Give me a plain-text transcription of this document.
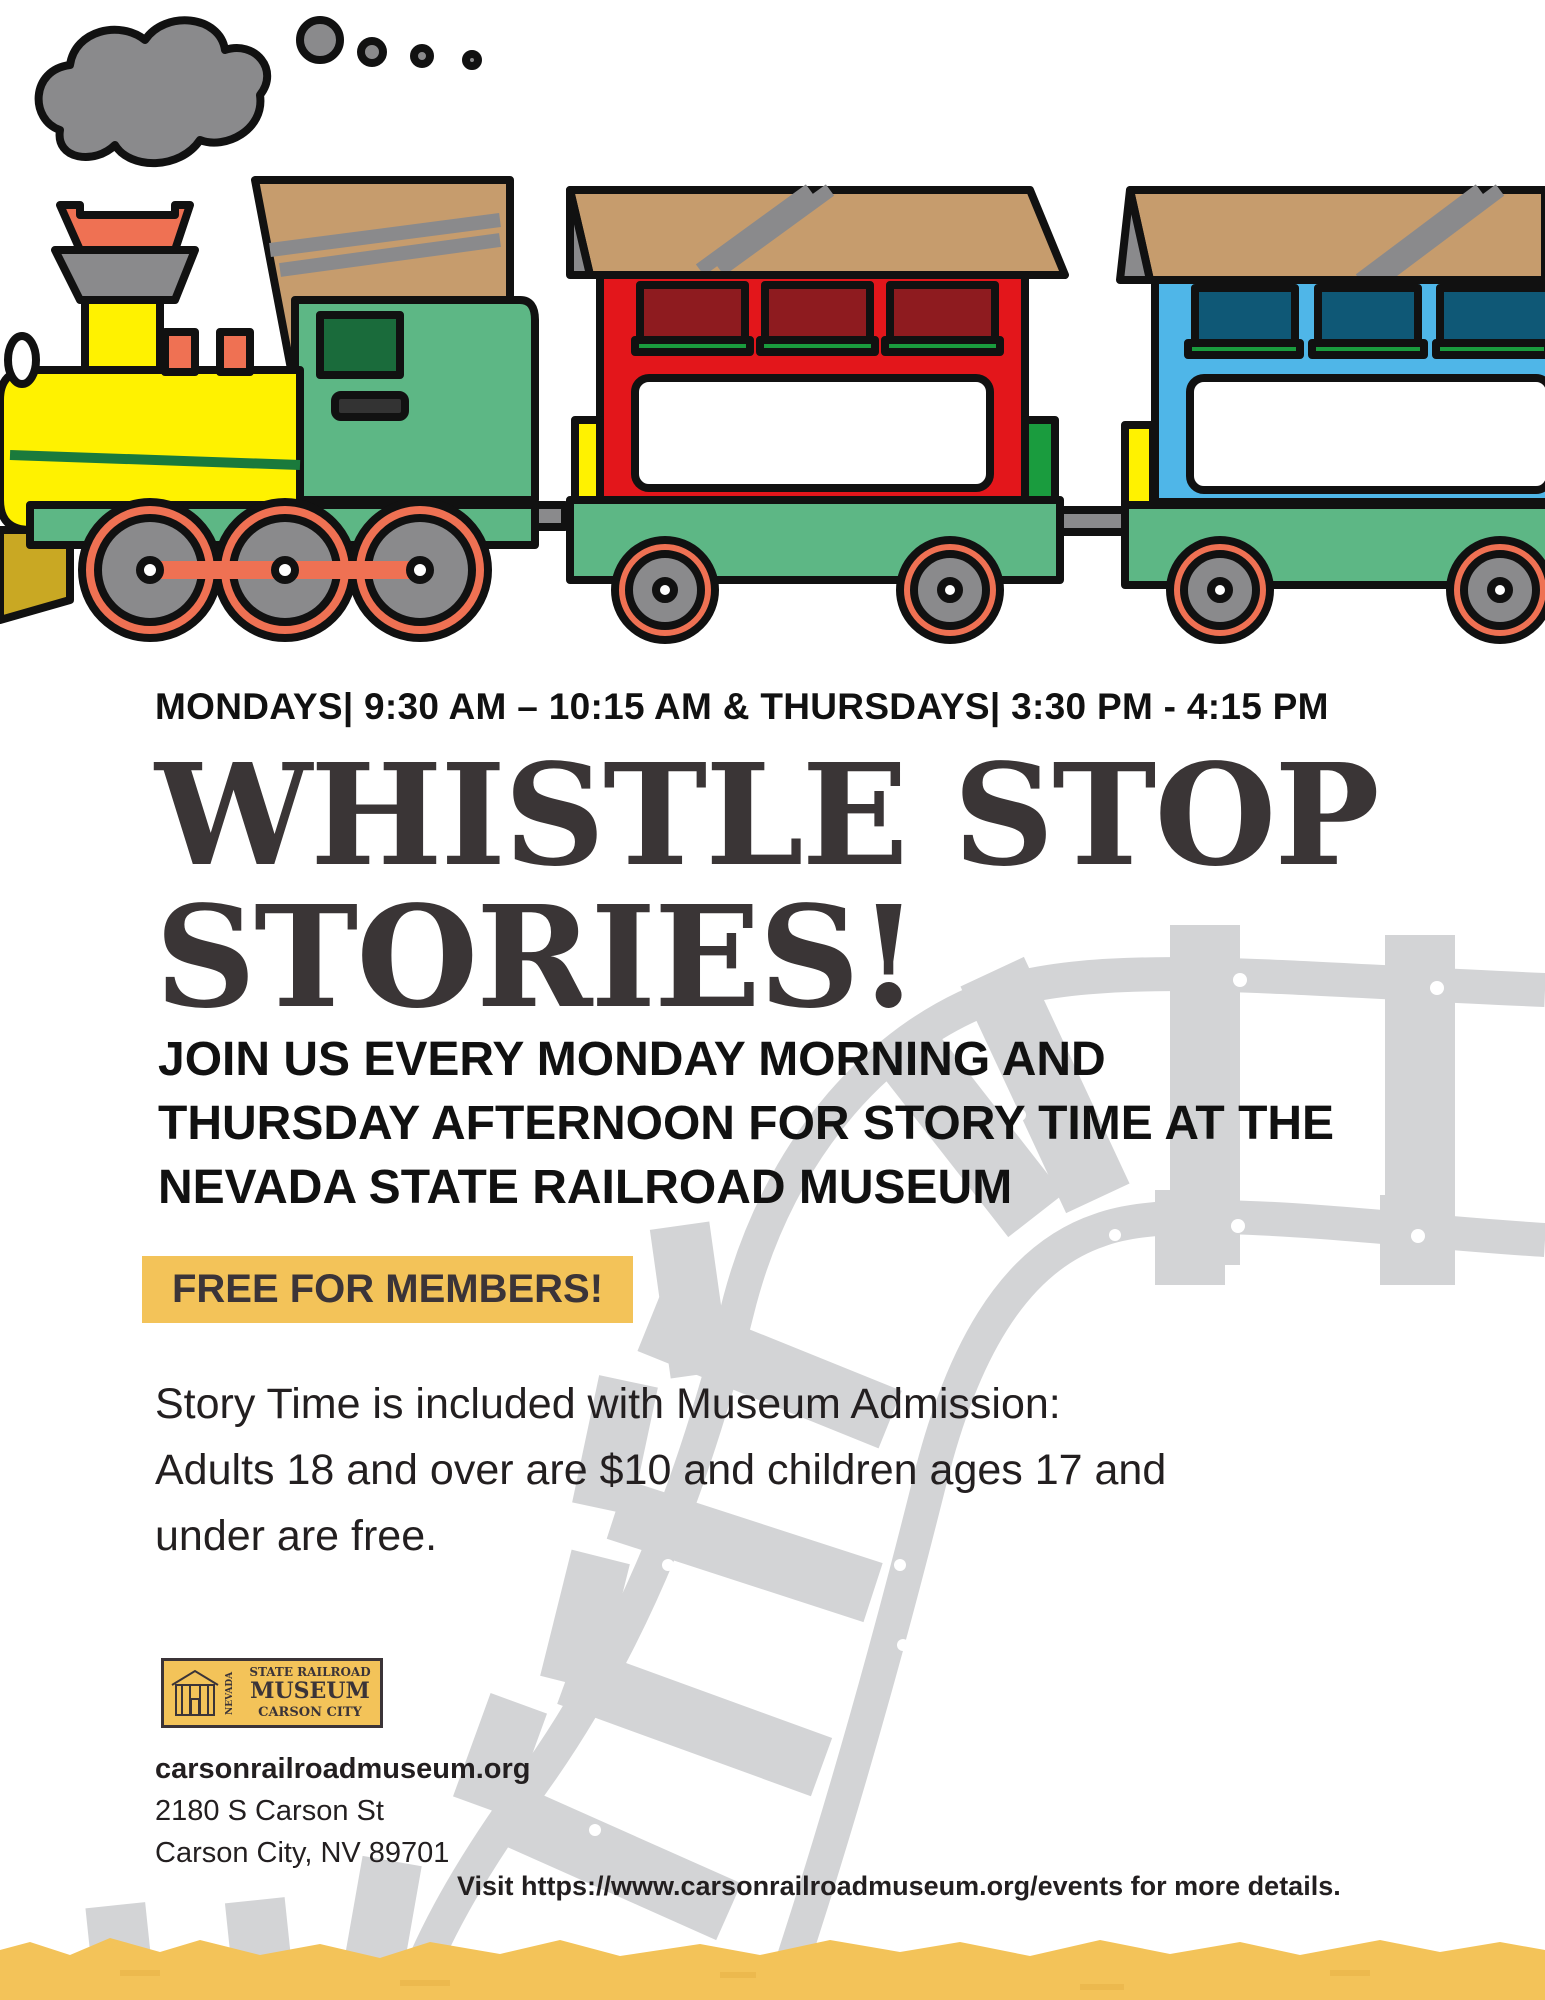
MONDAYS| 9:30 AM – 10:15 AM & THURSDAYS| 3:30 PM - 4:15 PM
WHISTLE STOP
STORIES!
JOIN US EVERY MONDAY MORNING AND
THURSDAY AFTERNOON FOR STORY TIME AT THE
NEVADA STATE RAILROAD MUSEUM
FREE FOR MEMBERS!
Story Time is included with Museum Admission:
Adults 18 and over are $10 and children ages 17 and
under are free.
NEVADA	STATE RAILROAD
MUSEUM
CARSON CITY
carsonrailroadmuseum.org
2180 S Carson St
Carson City, NV 89701
Visit https://www.carsonrailroadmuseum.org/events for more details.
